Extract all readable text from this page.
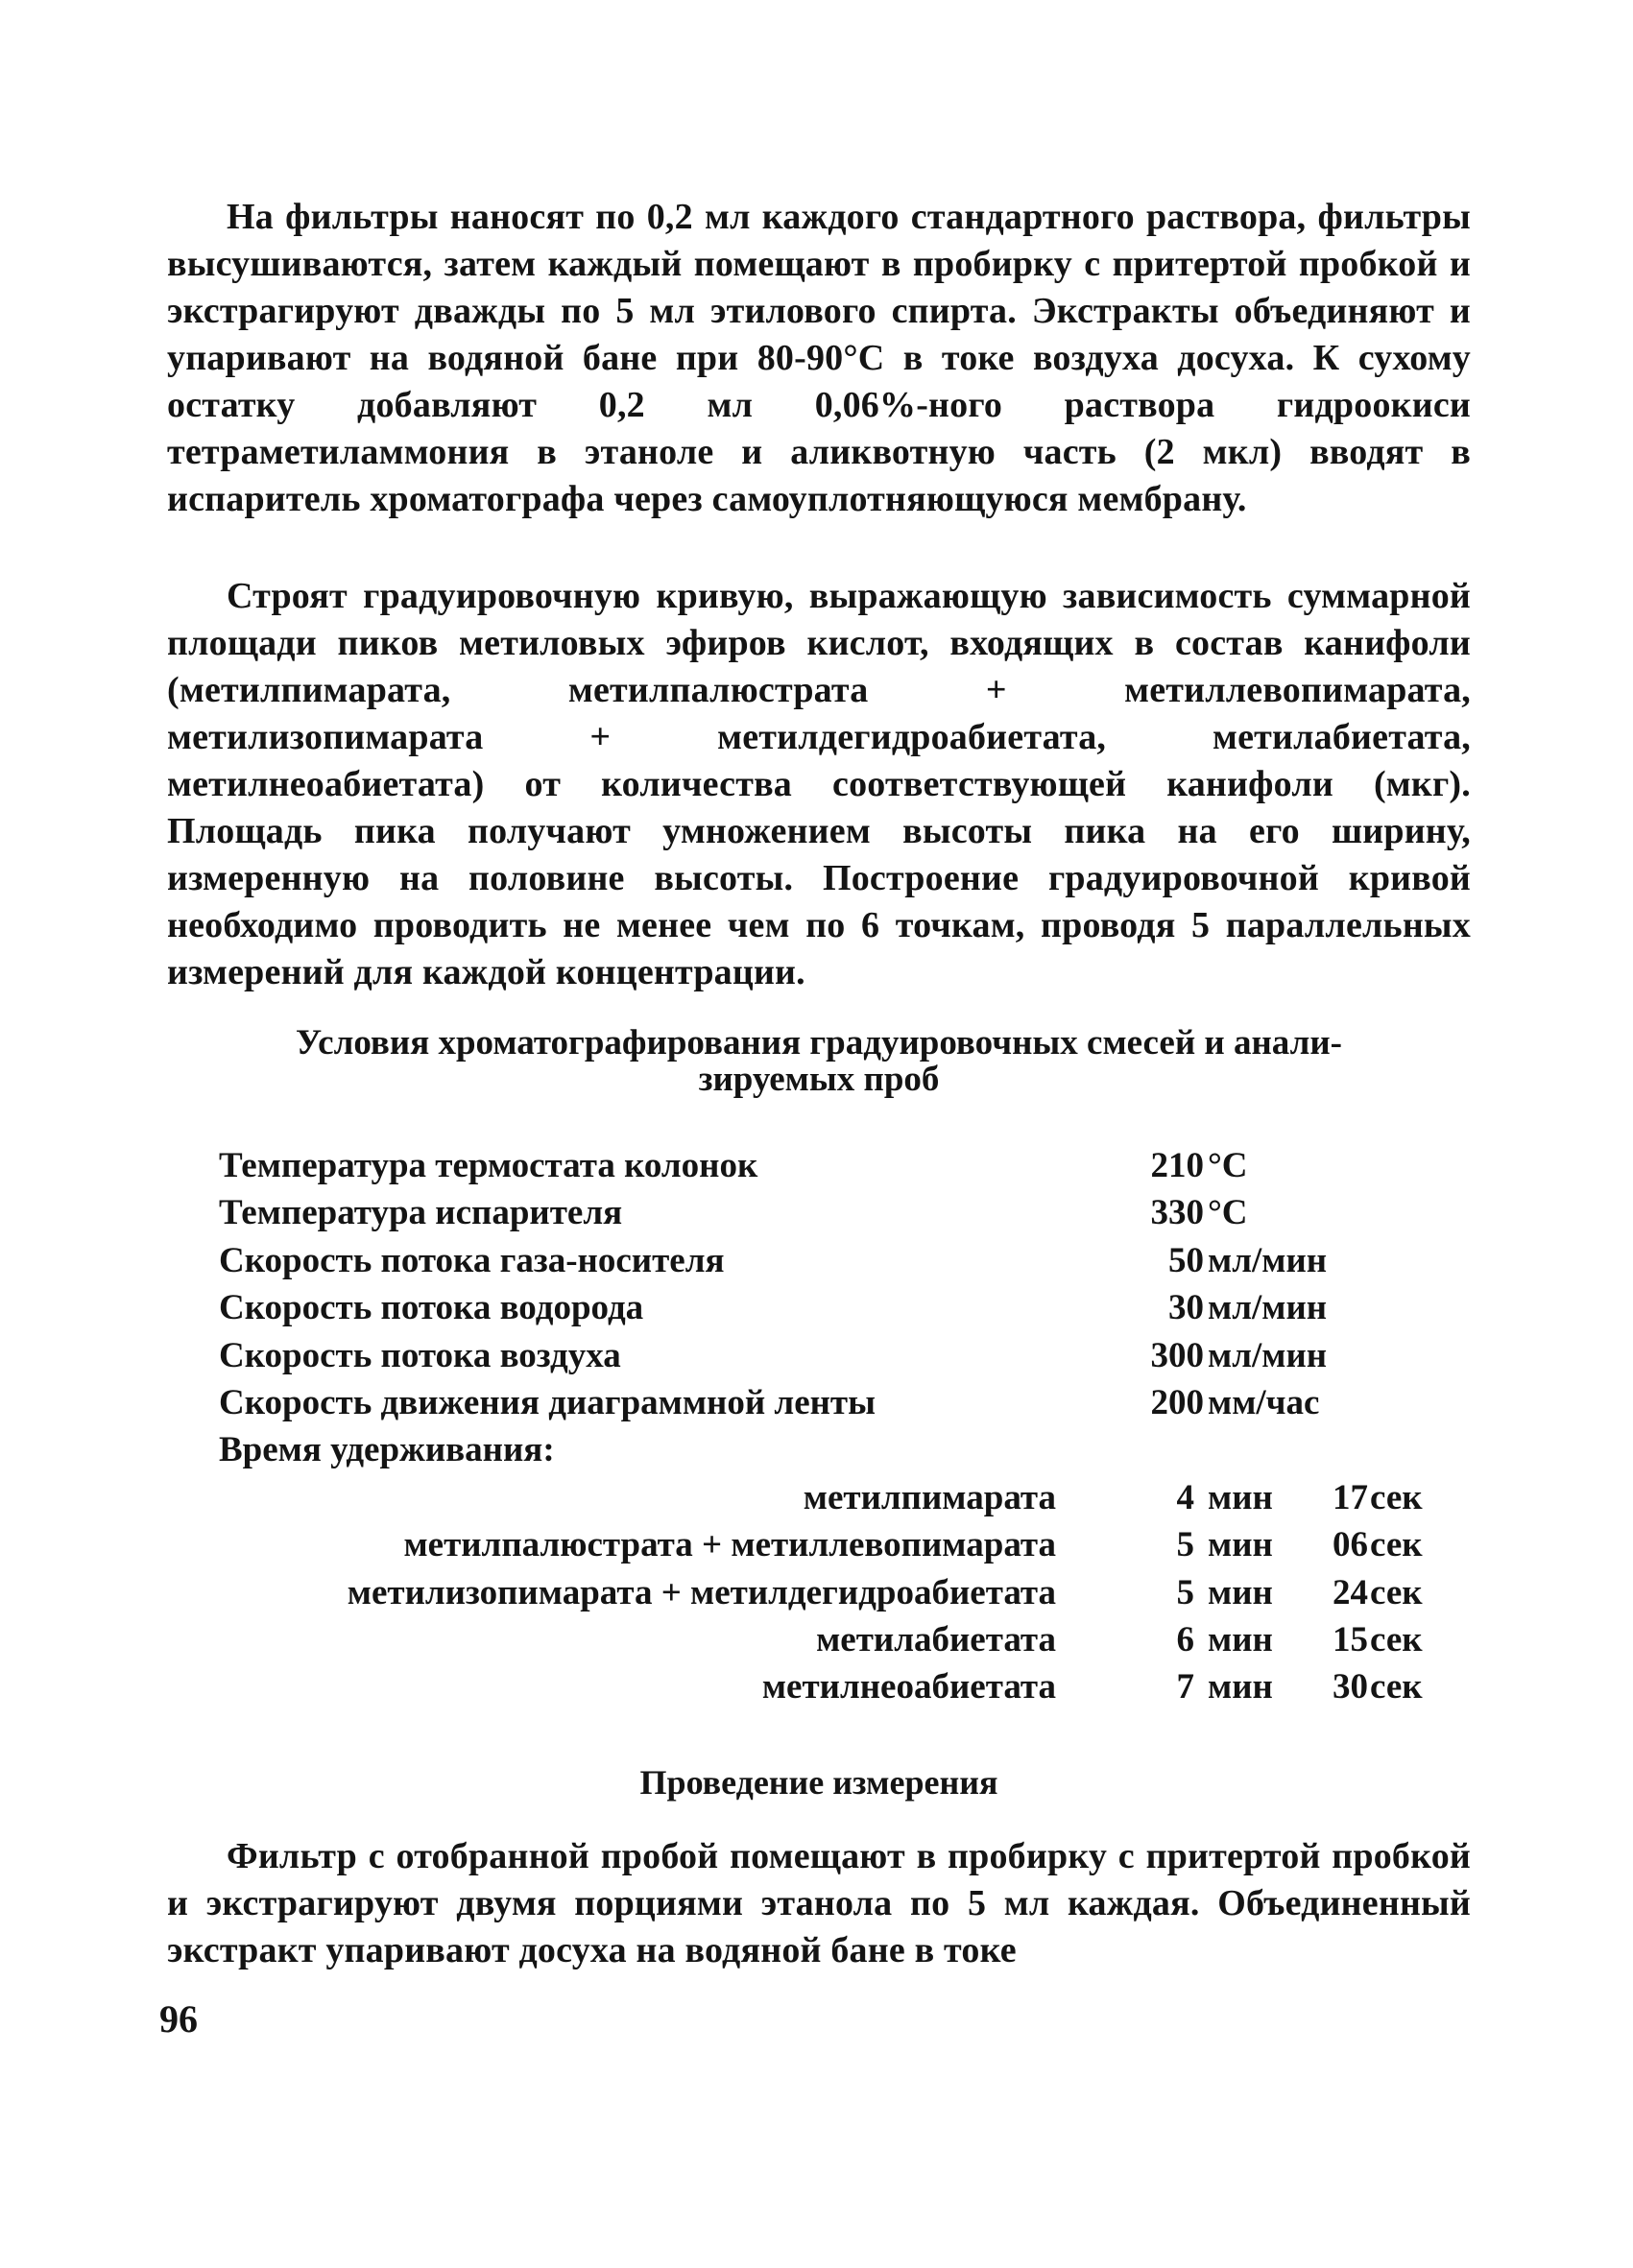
На фильтры наносят по 0,2 мл каждого стандартного раствора, фильтры высушиваются, затем каждый помещают в пробирку с притертой пробкой и экстрагируют дважды по 5 мл этилового спирта. Экстракты объединяют и упаривают на водяной бане при 80-90°С в токе воздуха досуха. К сухому остатку добавляют 0,2 мл 0,06%-ного раствора гидроокиси тетраметиламмония в этаноле и аликвотную часть (2 мкл) вводят в испаритель хроматографа через самоуплотняющуюся мембрану.

Строят градуировочную кривую, выражающую зависимость суммарной площади пиков метиловых эфиров кислот, входящих в состав канифоли (метилпимарата, метилпалюстрата + метиллевопимарата, метилизопимарата + метилдегидроабиетата, метилабиетата, метилнеоабиетата) от количества соответствующей канифоли (мкг). Площадь пика получают умножением высоты пика на его ширину, измеренную на половине высоты. Построение градуировочной кривой необходимо проводить не менее чем по 6 точкам, проводя 5 параллельных измерений для каждой концентрации.

Условия хроматографирования градуировочных смесей и анали-
зируемых проб
Температура термостата колонок	210 °С
Температура испарителя	330 °С
Скорость потока газа-носителя	50 мл/мин
Скорость потока водорода	30 мл/мин
Скорость потока воздуха	300 мл/мин
Скорость движения диаграммной ленты	200 мм/час
Время удерживания:
метилпимарата	4 мин	17 сек
метилпалюстрата + метиллевопимарата	5 мин	06 сек
метилизопимарата + метилдегидроабиетата	5 мин	24 сек
метилабиетата	6 мин	15 сек
метилнеоабиетата	7 мин	30 сек
Проведение измерения

Фильтр с отобранной пробой помещают в пробирку с притертой пробкой и экстрагируют двумя порциями этанола по 5 мл каждая. Объединенный экстракт упаривают досуха на водяной бане в токе

96
